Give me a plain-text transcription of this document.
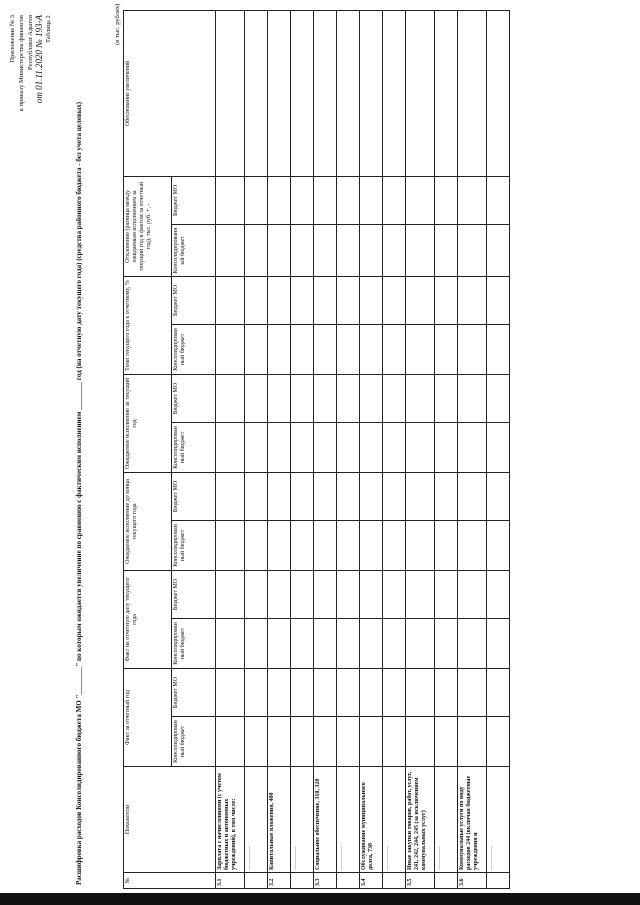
Приложение № 3 к приказу Министерства финансов Республики Адыгея от 01.11.2020 № 193-А Таблица 2
Расшифровка расходов Консолидированного бюджета МО "________" по которым ожидается увеличение по сравнению с фактическим исполнением ________ год (на отчетную дату текущего года) (средства районного бюджета - без учета целевых)
(в тыс. рублях)
№	Показатели	Факт за отчетный год		Факт на отчетную дату текущего года		Ожидаемое исполнение до конца текущего года		Ожидаемое исполнение за текущий год		Темп текущего года к отчетному, %		Отклонение (разница между ожидаемым исполнением за текущий год и фактом за отчетный год), тыс. руб. +, -		Обоснование увеличений
		Консолидированный бюджет	Бюджет МО	Консолидированный бюджет	Бюджет МО	Консолидированный бюджет	Бюджет МО	Консолидированный бюджет	Бюджет МО	Консолидированный бюджет	Бюджет МО	Консолидированный бюджет	Бюджет МО	
3.1	Зарплата с начислениями (с учетом бюджетных и автономных учреждений), в том числе:													
	…………													
3.2	Капитальные вложения, 400													
	…………													
3.3	Социальное обеспечение, 310, 320													
	…………													
3.4	Обслуживание муниципального долга, 730													
	…………													
3.5	Иные закупки товаров, работ, услуг, 241, 242, 244, 245 (за исключением коммунальных услуг)													
	…………													
3.6	Коммунальные услуги по виду расходов 244 (включая бюджетные учреждения и													
	…………													
